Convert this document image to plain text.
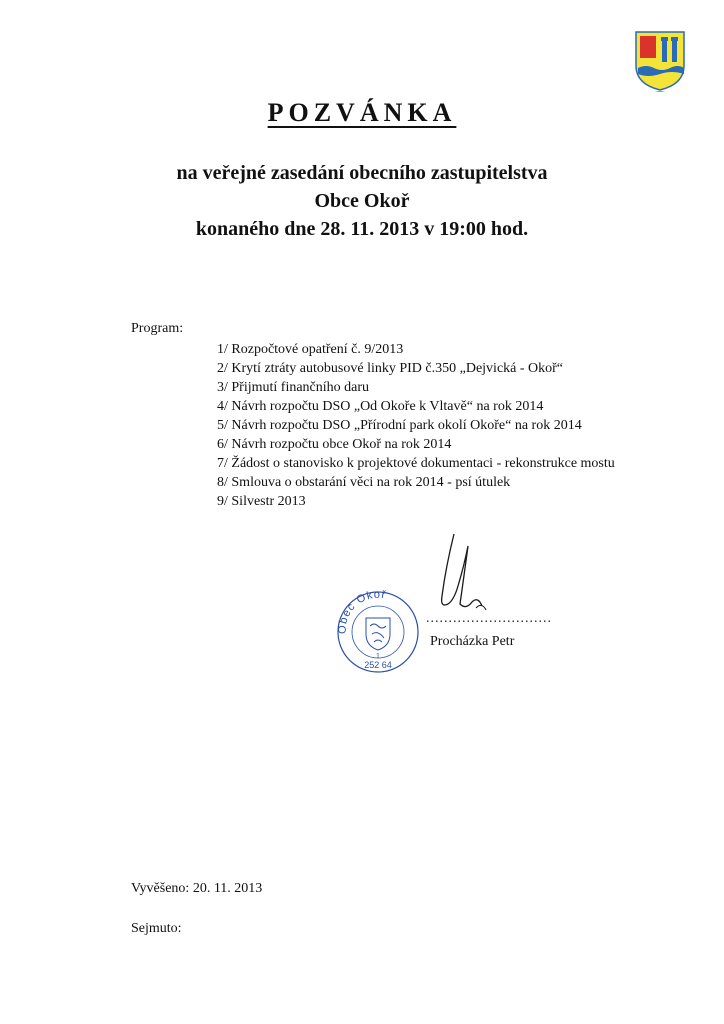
POZVÁNKA
na veřejné zasedání obecního zastupitelstva
Obce Okoř
konaného dne 28. 11. 2013 v 19:00 hod.
Program:
1/ Rozpočtové opatření č. 9/2013
2/ Krytí ztráty autobusové linky PID č.350 „Dejvická - Okoř“
3/ Přijmutí finančního daru
4/ Návrh rozpočtu DSO „Od Okoře k Vltavě“ na rok 2014
5/ Návrh rozpočtu DSO „Přírodní park okolí Okoře“ na rok 2014
6/ Návrh rozpočtu obce Okoř na rok 2014
7/ Žádost o stanovisko k projektové dokumentaci - rekonstrukce mostu
8/ Smlouva o obstarání věci na rok 2014 - psí útulek
9/ Silvestr 2013
Obec Okoř
1
252 64
............................
Procházka Petr
Vyvěšeno: 20. 11. 2013
Sejmuto:
